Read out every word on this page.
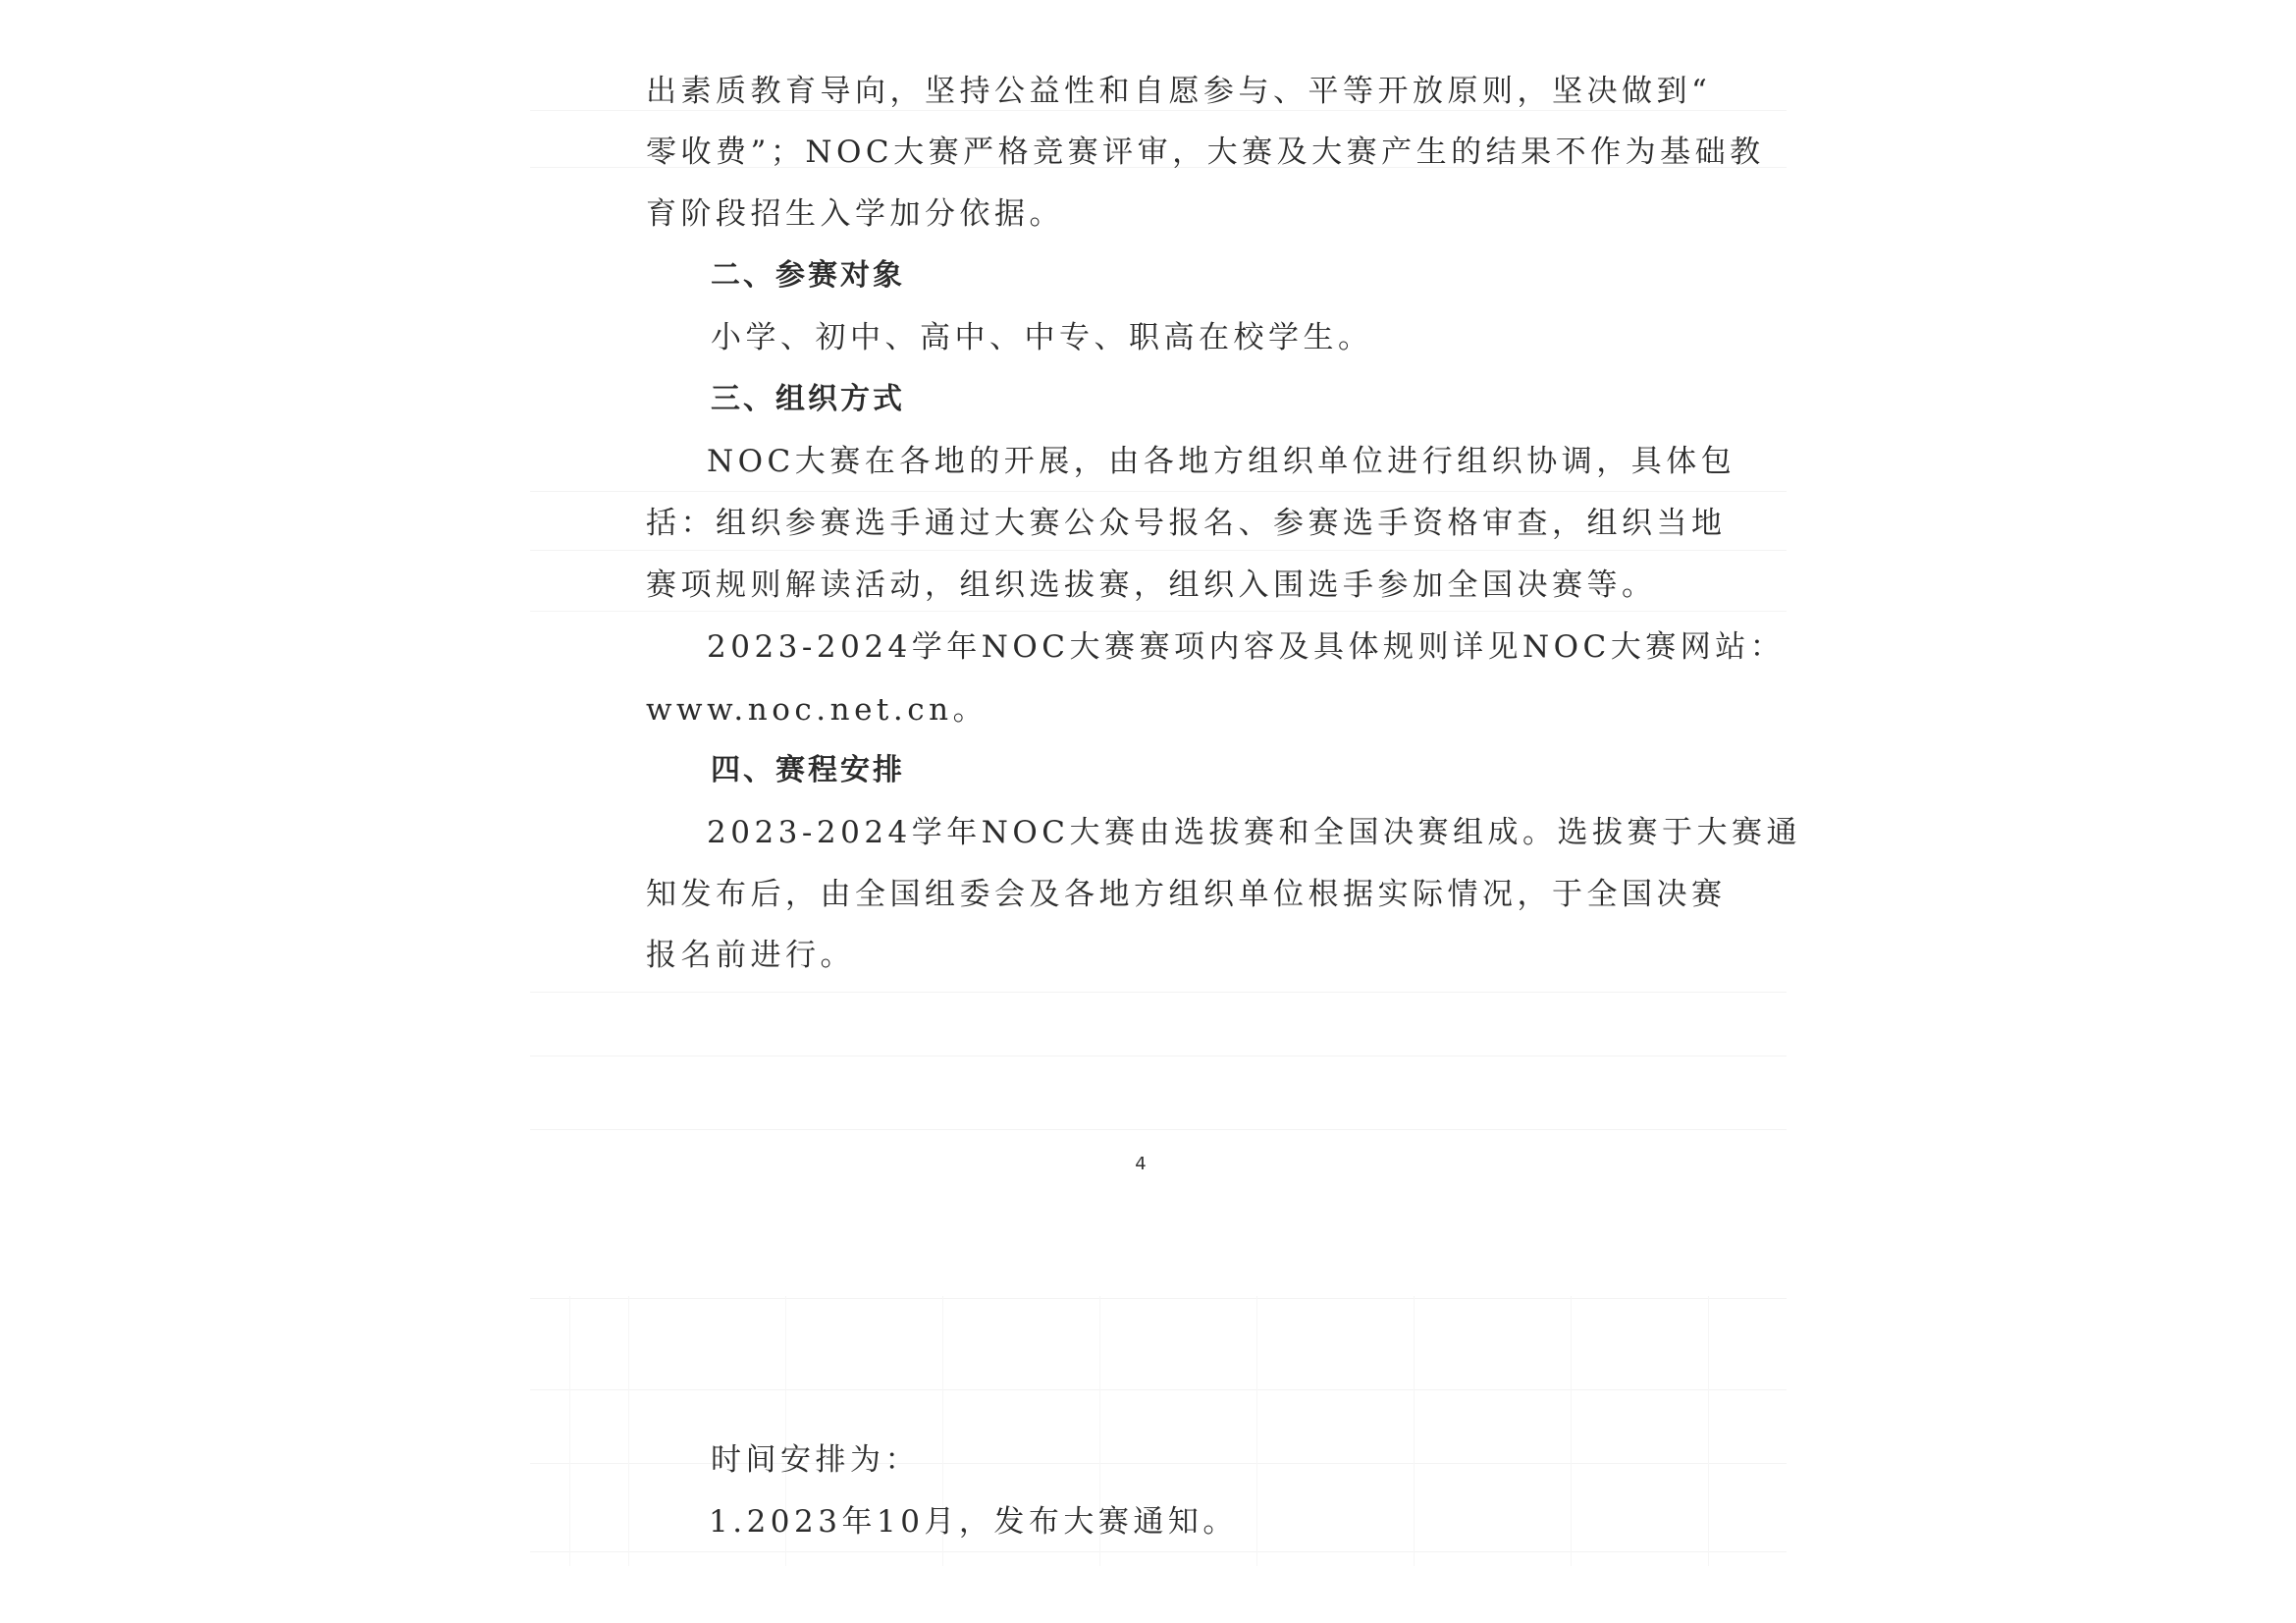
出素质教育导向，坚持公益性和自愿参与、平等开放原则，坚决做到“
零收费”；NOC大赛严格竞赛评审，大赛及大赛产生的结果不作为基础教
育阶段招生入学加分依据。
二、参赛对象
小学、初中、高中、中专、职高在校学生。
三、组织方式
NOC大赛在各地的开展，由各地方组织单位进行组织协调，具体包
括：组织参赛选手通过大赛公众号报名、参赛选手资格审查，组织当地
赛项规则解读活动，组织选拔赛，组织入围选手参加全国决赛等。
2023-2024学年NOC大赛赛项内容及具体规则详见NOC大赛网站：
www.noc.net.cn。
四、赛程安排
2023-2024学年NOC大赛由选拔赛和全国决赛组成。选拔赛于大赛通
知发布后，由全国组委会及各地方组织单位根据实际情况，于全国决赛
报名前进行。
4
时间安排为：
1.2023年10月，发布大赛通知。
